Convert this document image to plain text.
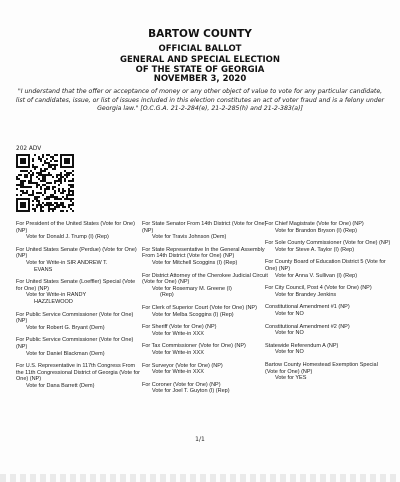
BARTOW COUNTY
OFFICIAL BALLOT
GENERAL AND SPECIAL ELECTION
OF THE STATE OF GEORGIA
NOVEMBER 3, 2020
"I understand that the offer or acceptance of money or any other object of value to vote for any particular candidate, list of candidates, issue, or list of issues included in this election constitutes an act of voter fraud and is a felony under Georgia law." [O.C.G.A. 21-2-284(e), 21-2-285(h) and 21-2-383(a)]
202 ADV
For President of the United States (Vote for One) (NP)
Vote for Donald J. Trump (I) (Rep)
For United States Senate (Perdue) (Vote for One) (NP)
Vote for Write-in SIR ANDREW T.
EVANS
For United States Senate (Loeffler) Special (Vote for One) (NP)
Vote for Write-in RANDY
HAZZLEWOOD
For Public Service Commissioner (Vote for One) (NP)
Vote for Robert G. Bryant (Dem)
For Public Service Commissioner (Vote for One) (NP)
Vote for Daniel Blackman (Dem)
For U.S. Representative in 117th Congress From the 11th Congressional District of Georgia (Vote for One) (NP)
Vote for Dana Barrett (Dem)
For State Senator From 14th District (Vote for One) (NP)
Vote for Travis Johnson (Dem)
For State Representative In the General Assembly From 14th District (Vote for One) (NP)
Vote for Mitchell Scoggins (I) (Rep)
For District Attorney of the Cherokee Judicial Circuit (Vote for One) (NP)
Vote for Rosemary M. Greene (I)
(Rep)
For Clerk of Superior Court (Vote for One) (NP)
Vote for Melba Scoggins (I) (Rep)
For Sheriff (Vote for One) (NP)
Vote for Write-in XXX
For Tax Commissioner (Vote for One) (NP)
Vote for Write-in XXX
For Surveyor (Vote for One) (NP)
Vote for Write-in XXX
For Coroner (Vote for One) (NP)
Vote for Joel T. Guyton (I) (Rep)
For Chief Magistrate (Vote for One) (NP)
Vote for Brandon Bryson (I) (Rep)
For Sole County Commissioner (Vote for One) (NP)
Vote for Steve A. Taylor (I) (Rep)
For County Board of Education District 5 (Vote for One) (NP)
Vote for Anna V. Sullivan (I) (Rep)
For City Council, Post 4 (Vote for One) (NP)
Vote for Brandey Jenkins
Constitutional Amendment #1 (NP)
Vote for NO
Constitutional Amendment #2 (NP)
Vote for NO
Statewide Referendum A (NP)
Vote for NO
Bartow County Homestead Exemption Special (Vote for One) (NP)
Vote for YES
1/1
